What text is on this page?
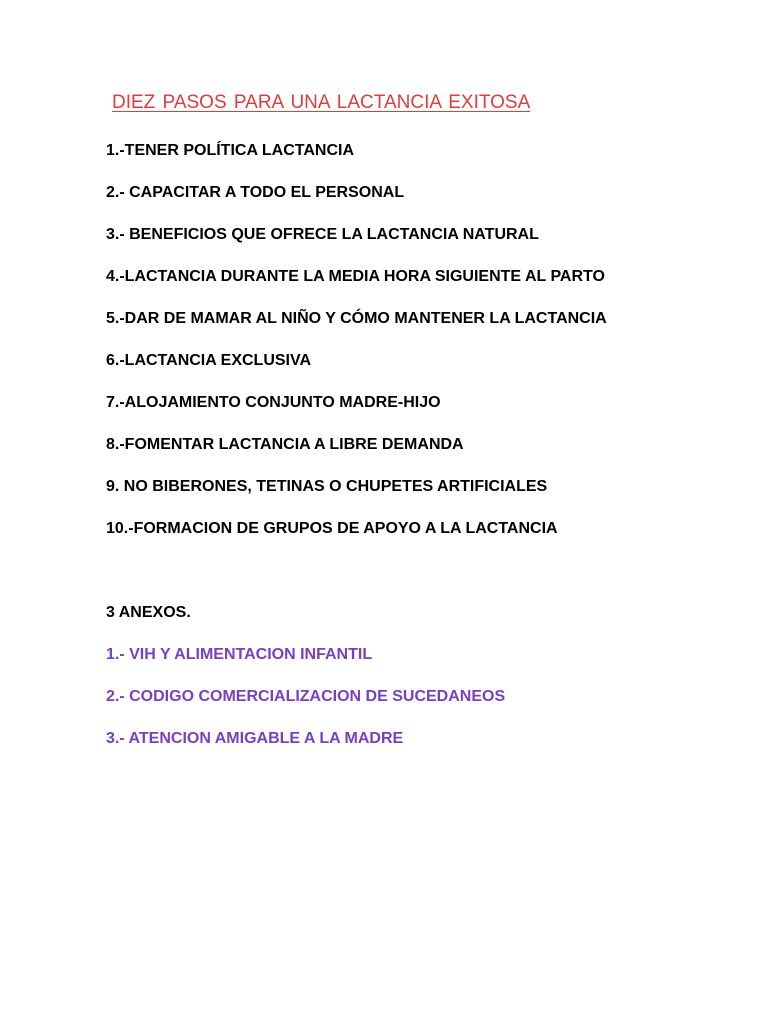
DIEZ PASOS PARA UNA LACTANCIA EXITOSA
1.-TENER POLÍTICA LACTANCIA
2.- CAPACITAR A TODO EL PERSONAL
3.- BENEFICIOS QUE OFRECE LA LACTANCIA NATURAL
4.-LACTANCIA DURANTE LA MEDIA HORA SIGUIENTE AL PARTO
5.-DAR DE MAMAR AL NIÑO Y CÓMO MANTENER LA LACTANCIA
6.-LACTANCIA EXCLUSIVA
7.-ALOJAMIENTO CONJUNTO MADRE-HIJO
8.-FOMENTAR LACTANCIA A LIBRE DEMANDA
9. NO BIBERONES, TETINAS O CHUPETES ARTIFICIALES
10.-FORMACION DE GRUPOS DE APOYO A LA LACTANCIA
3 ANEXOS.
1.- VIH Y ALIMENTACION INFANTIL
2.- CODIGO COMERCIALIZACION DE SUCEDANEOS
3.- ATENCION AMIGABLE A LA MADRE
